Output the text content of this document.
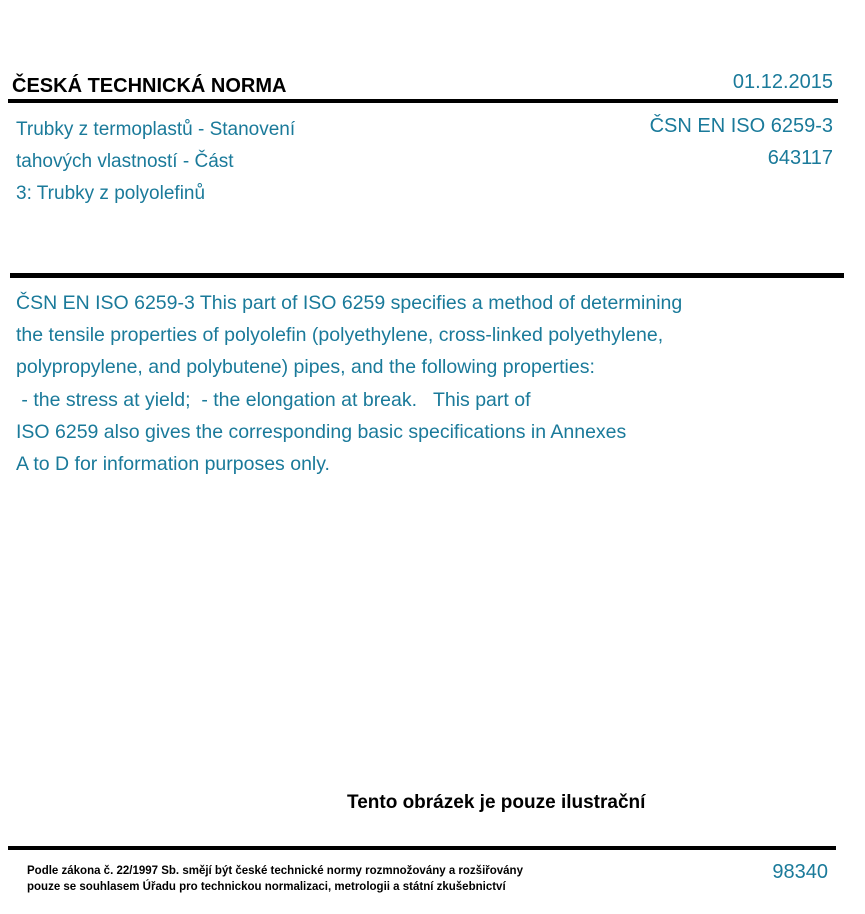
ČESKÁ TECHNICKÁ NORMA	01.12.2015
Trubky z termoplastů - Stanovení
tahových vlastností - Část
3: Trubky z polyolefinů
ČSN EN ISO 6259-3
643117
ČSN EN ISO 6259-3 This part of ISO 6259 specifies a method of determining
the tensile properties of polyolefin (polyethylene, cross-linked polyethylene,
polypropylene, and polybutene) pipes, and the following properties:
- the stress at yield;  - the elongation at break.   This part of
ISO 6259 also gives the corresponding basic specifications in Annexes
A to D for information purposes only.
Tento obrázek je pouze ilustrační
Podle zákona č. 22/1997 Sb. smějí být české technické normy rozmnožovány a rozšiřovány
pouze se souhlasem Úřadu pro technickou normalizaci, metrologii a státní zkušebnictví
98340
